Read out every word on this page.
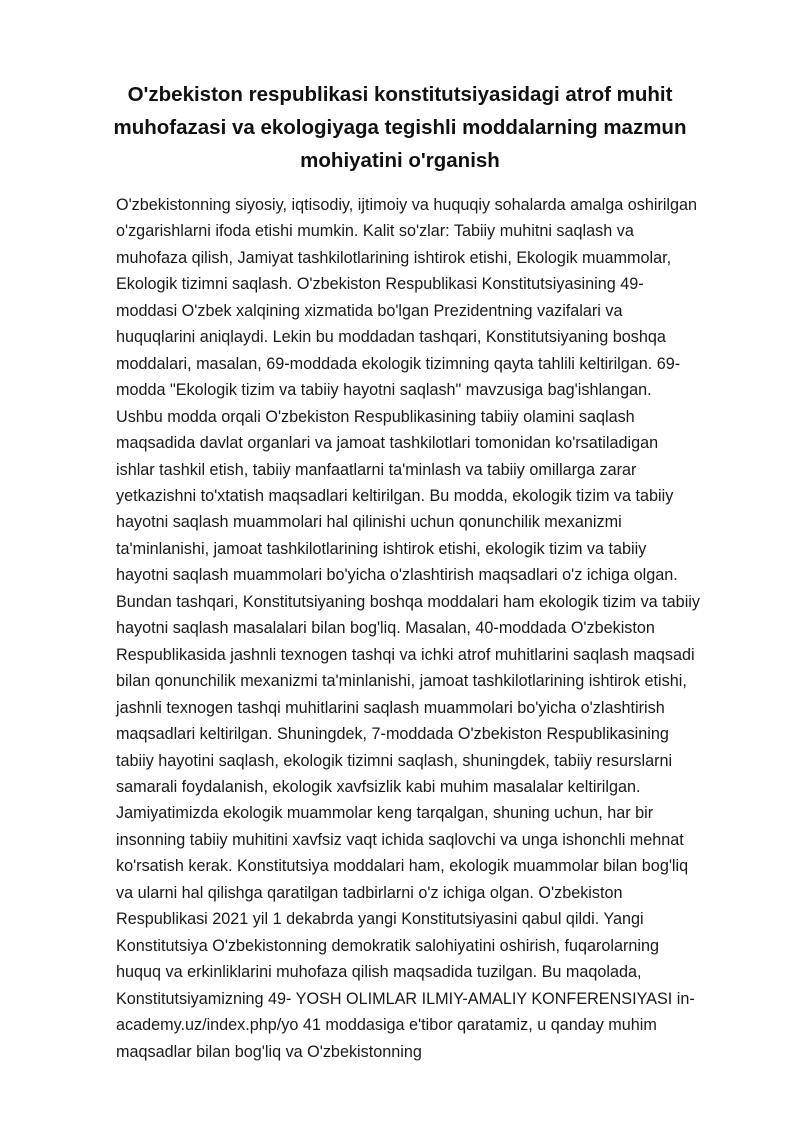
O'zbekiston respublikasi konstitutsiyasidagi atrof muhit muhofazasi va ekologiyaga tegishli moddalarning mazmun mohiyatini o'rganish

O'zbekistonning siyosiy, iqtisodiy, ijtimoiy va huquqiy sohalarda amalga oshirilgan o'zgarishlarni ifoda etishi mumkin. Kalit so'zlar: Tabiiy muhitni saqlash va muhofaza qilish, Jamiyat tashkilotlarining ishtirok etishi, Ekologik muammolar, Ekologik tizimni saqlash. O'zbekiston Respublikasi Konstitutsiyasining 49-moddasi O'zbek xalqining xizmatida bo'lgan Prezidentning vazifalari va huquqlarini aniqlaydi. Lekin bu moddadan tashqari, Konstitutsiyaning boshqa moddalari, masalan, 69-moddada ekologik tizimning qayta tahlili keltirilgan. 69-modda "Ekologik tizim va tabiiy hayotni saqlash" mavzusiga bag'ishlangan. Ushbu modda orqali O'zbekiston Respublikasining tabiiy olamini saqlash maqsadida davlat organlari va jamoat tashkilotlari tomonidan ko'rsatiladigan ishlar tashkil etish, tabiiy manfaatlarni ta'minlash va tabiiy omillarga zarar yetkazishni to'xtatish maqsadlari keltirilgan. Bu modda, ekologik tizim va tabiiy hayotni saqlash muammolari hal qilinishi uchun qonunchilik mexanizmi ta'minlanishi, jamoat tashkilotlarining ishtirok etishi, ekologik tizim va tabiiy hayotni saqlash muammolari bo'yicha o'zlashtirish maqsadlari o'z ichiga olgan. Bundan tashqari, Konstitutsiyaning boshqa moddalari ham ekologik tizim va tabiiy hayotni saqlash masalalari bilan bog'liq. Masalan, 40-moddada O'zbekiston Respublikasida jashnli texnogen tashqi va ichki atrof muhitlarini saqlash maqsadi bilan qonunchilik mexanizmi ta'minlanishi, jamoat tashkilotlarining ishtirok etishi, jashnli texnogen tashqi muhitlarini saqlash muammolari bo'yicha o'zlashtirish maqsadlari keltirilgan. Shuningdek, 7-moddada O'zbekiston Respublikasining tabiiy hayotini saqlash, ekologik tizimni saqlash, shuningdek, tabiiy resurslarni samarali foydalanish, ekologik xavfsizlik kabi muhim masalalar keltirilgan. Jamiyatimizda ekologik muammolar keng tarqalgan, shuning uchun, har bir insonning tabiiy muhitini xavfsiz vaqt ichida saqlovchi va unga ishonchli mehnat ko'rsatish kerak. Konstitutsiya moddalari ham, ekologik muammolar bilan bog'liq va ularni hal qilishga qaratilgan tadbirlarni o'z ichiga olgan. O'zbekiston Respublikasi 2021 yil 1 dekabrda yangi Konstitutsiyasini qabul qildi. Yangi Konstitutsiya O'zbekistonning demokratik salohiyatini oshirish, fuqarolarning huquq va erkinliklarini muhofaza qilish maqsadida tuzilgan. Bu maqolada, Konstitutsiyamizning 49- YOSH OLIMLAR ILMIY-AMALIY KONFERENSIYASI in-academy.uz/index.php/yo 41 moddasiga e'tibor qaratamiz, u qanday muhim maqsadlar bilan bog'liq va O'zbekistonning
